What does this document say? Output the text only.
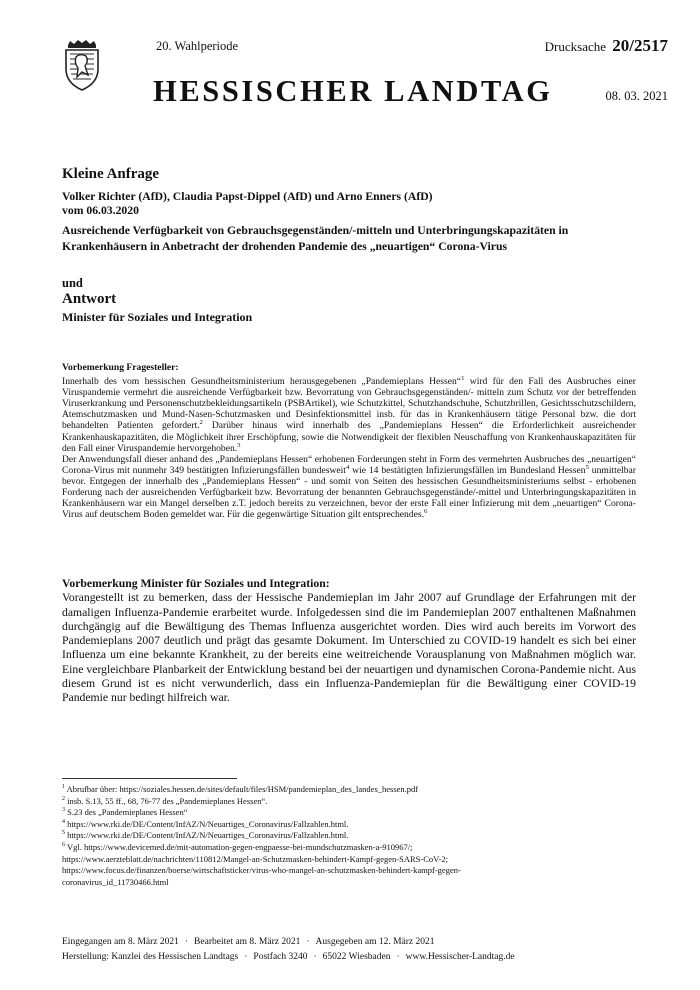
20. Wahlperiode	Drucksache 20/2517
HESSISCHER LANDTAG	08. 03. 2021
Kleine Anfrage
Volker Richter (AfD), Claudia Papst-Dippel (AfD) und Arno Enners (AfD)
vom 06.03.2020
Ausreichende Verfügbarkeit von Gebrauchsgegenständen/-mitteln und Unterbringungskapazitäten in Krankenhäusern in Anbetracht der drohenden Pandemie des „neuartigen“ Corona-Virus
und
Antwort
Minister für Soziales und Integration
Vorbemerkung Fragesteller:

Innerhalb des vom hessischen Gesundheitsministerium herausgegebenen „Pandemieplans Hessen“$^1$ wird für den Fall des Ausbruches einer Viruspandemie vermehrt die ausreichende Verfügbarkeit bzw. Bevorratung von Gebrauchsgegenständen/- mitteln zum Schutz vor der betreffenden Viruserkrankung und Personenschutzbekleidungsartikeln (PSBArtikel), wie Schutzkittel, Schutzhandschuhe, Schutzbrillen, Gesichtsschutzschildern, Atemschutzmasken und Mund-Nasen-Schutzmasken und Desinfektionsmittel insb. für das in Krankenhäusern tätige Personal bzw. die dort behandelten Patienten gefordert.$^2$ Darüber hinaus wird innerhalb des „Pandemieplans Hessen“ die Erforderlichkeit ausreichender Krankenhauskapazitäten, die Möglichkeit ihrer Erschöpfung, sowie die Notwendigkeit der flexiblen Neuschaffung von Krankenhauskapazitäten für den Fall einer Viruspandemie hervorgehoben.$^3$

Der Anwendungsfall dieser anhand des „Pandemieplans Hessen“ erhobenen Forderungen steht in Form des vermehrten Ausbruches des „neuartigen“ Corona-Virus mit nunmehr 349 bestätigten Infizierungsfällen bundesweit$^4$ wie 14 bestätigten Infizierungsfällen im Bundesland Hessen$^5$ unmittelbar bevor. Entgegen der innerhalb des „Pandemieplans Hessen“ - und somit von Seiten des hessischen Gesundheitsministeriums selbst - erhobenen Forderung nach der ausreichenden Verfügbarkeit bzw. Bevorratung der benannten Gebrauchsgegenstände/-mittel und Unterbringungskapazitäten in Krankenhäusern war ein Mangel derselben z.T. jedoch bereits zu verzeichnen, bevor der erste Fall einer Infizierung mit dem „neuartigen“ Corona-Virus auf deutschem Boden gemeldet war. Für die gegenwärtige Situation gilt entsprechendes.$^6$

Vorbemerkung Minister für Soziales und Integration:

Vorangestellt ist zu bemerken, dass der Hessische Pandemieplan im Jahr 2007 auf Grundlage der Erfahrungen mit der damaligen Influenza-Pandemie erarbeitet wurde. Infolgedessen sind die im Pandemieplan 2007 enthaltenen Maßnahmen durchgängig auf die Bewältigung des Themas Influenza ausgerichtet worden. Dies wird auch bereits im Vorwort des Pandemieplans 2007 deutlich und prägt das gesamte Dokument. Im Unterschied zu COVID-19 handelt es sich bei einer Influenza um eine bekannte Krankheit, zu der bereits eine weitreichende Vorausplanung von Maßnahmen möglich war. Eine vergleichbare Planbarkeit der Entwicklung bestand bei der neuartigen und dynamischen Corona-Pandemie nicht. Aus diesem Grund ist es nicht verwunderlich, dass ein Influenza-Pandemieplan für die Bewältigung einer COVID-19 Pandemie nur bedingt hilfreich war.

$^1$ Abrufbar über: https://soziales.hessen.de/sites/default/files/HSM/pandemieplan_des_landes_hessen.pdf
$^2$ insb. S.13, 55 ff., 68, 76-77 des „Pandemieplanes Hessen“.
$^3$ S.23 des „Pandemieplanes Hessen“
$^4$ https://www.rki.de/DE/Content/InfAZ/N/Neuartiges_Coronavirus/Fallzahlen.html.
$^5$ https://www.rki.de/DE/Content/InfAZ/N/Neuartiges_Coronavirus/Fallzahlen.html.
$^6$ Vgl. https://www.devicemed.de/mit-automation-gegen-engpaesse-bei-mundschutzmasken-a-910967/;
https://www.aerzteblatt.de/nachrichten/110812/Mangel-an-Schutzmasken-behindert-Kampf-gegen-SARS-CoV-2;
https://www.focus.de/finanzen/boerse/wirtschaftsticker/virus-who-mangel-an-schutzmasken-behindert-kampf-gegen-
coronavirus_id_11730466.html
Eingegangen am 8. März 2021 · Bearbeitet am 8. März 2021 · Ausgegeben am 12. März 2021
Herstellung: Kanzlei des Hessischen Landtags · Postfach 3240 · 65022 Wiesbaden · www.Hessischer-Landtag.de
